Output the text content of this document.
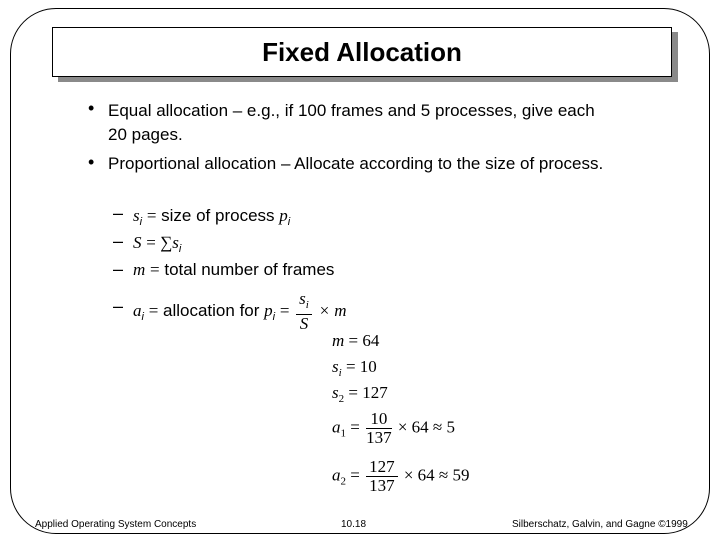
Fixed Allocation
• Equal allocation – e.g., if 100 frames and 5 processes, give each
20 pages.
• Proportional allocation – Allocate according to the size of process.
– $s_i$ = size of process $p_i$
– $S = \sum s_i$
– m = total number of frames
– $a_i$ = allocation for $p_i = \frac{s_i}{S} \times m$
m = 64
$s_i = 10$
$s_2 = 127$
$a_1 = \frac{10}{137} \times 64 \approx 5$
$a_2 = \frac{127}{137} \times 64 \approx 59$
Applied Operating System Concepts	10.18	Silberschatz, Galvin, and Gagne ©1999
